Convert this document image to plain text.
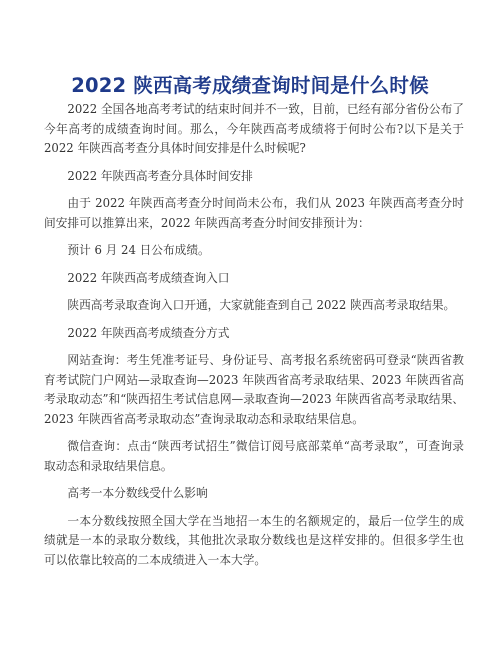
2022 陕西高考成绩查询时间是什么时候

2022 全国各地高考考试的结束时间并不一致，目前，已经有部分省份公布了今年高考的成绩查询时间。那么，今年陕西高考成绩将于何时公布?以下是关于 2022 年陕西高考查分具体时间安排是什么时候呢?

2022 年陕西高考查分具体时间安排

由于 2022 年陕西高考查分时间尚未公布，我们从 2023 年陕西高考查分时间安排可以推算出来，2022 年陕西高考查分时间安排预计为：

预计 6 月 24 日公布成绩。

2022 年陕西高考成绩查询入口

陕西高考录取查询入口开通，大家就能查到自己 2022 陕西高考录取结果。

2022 年陕西高考成绩查分方式

网站查询：考生凭准考证号、身份证号、高考报名系统密码可登录“陕西省教育考试院门户网站—录取查询—2023 年陕西省高考录取结果、2023 年陕西省高考录取动态”和“陕西招生考试信息网—录取查询—2023 年陕西省高考录取结果、2023 年陕西省高考录取动态”查询录取动态和录取结果信息。

微信查询：点击“陕西考试招生”微信订阅号底部菜单“高考录取”，可查询录取动态和录取结果信息。

高考一本分数线受什么影响

一本分数线按照全国大学在当地招一本生的名额规定的，最后一位学生的成绩就是一本的录取分数线，其他批次录取分数线也是这样安排的。但很多学生也可以依靠比较高的二本成绩进入一本大学。
